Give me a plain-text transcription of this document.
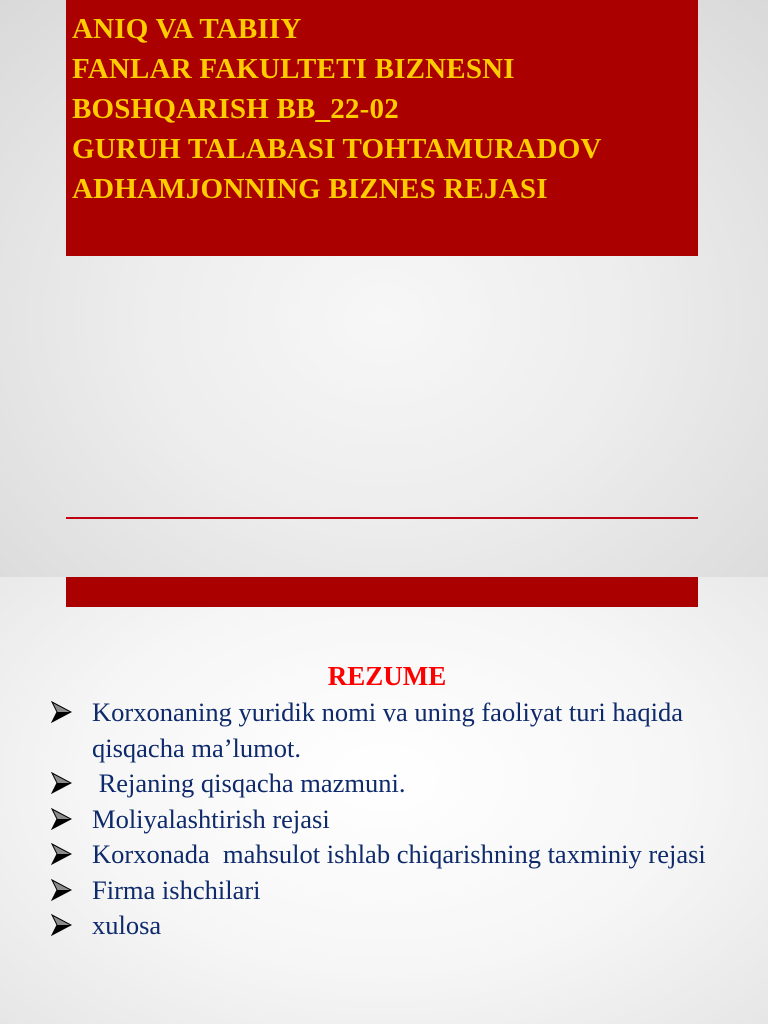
ANIQ VA TABIIY
FANLAR FAKULTETI BIZNESNI
BOSHQARISH BB_22-02
GURUH TALABASI TOHTAMURADOV
ADHAMJONNING BIZNES REJASI
REZUME
Korxonaning yuridik nomi va uning faoliyat turi haqida qisqacha ma’lumot.
Rejaning qisqacha mazmuni.
Moliyalashtirish rejasi
Korxonada  mahsulot ishlab chiqarishning taxminiy rejasi
Firma ishchilari
xulosa
